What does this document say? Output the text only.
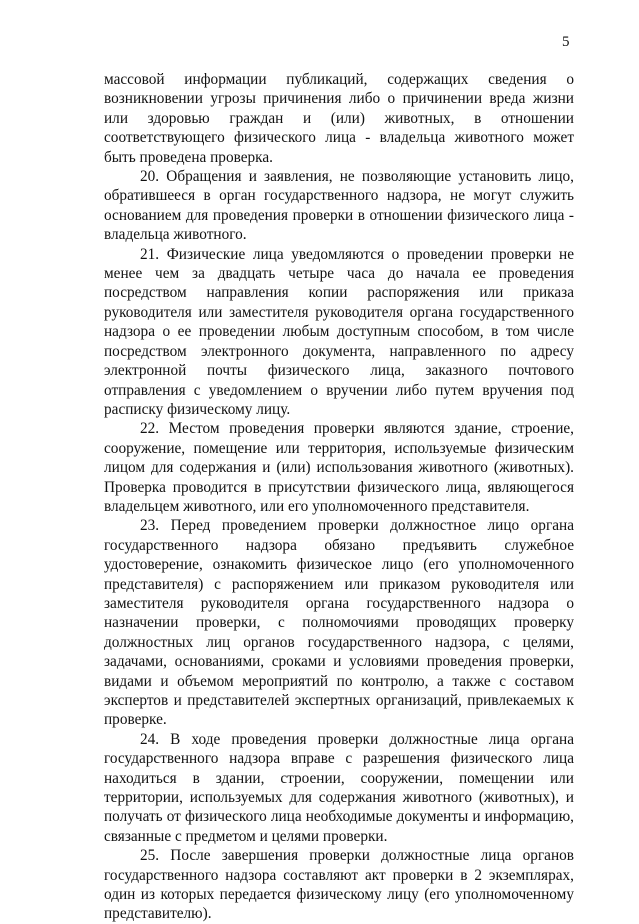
5

массовой информации публикаций, содержащих сведения о возникновении угрозы причинения либо о причинении вреда жизни или здоровью граждан и (или) животных, в отношении соответствующего физического лица - владельца животного может быть проведена проверка.

20. Обращения и заявления, не позволяющие установить лицо, обратившееся в орган государственного надзора, не могут служить основанием для проведения проверки в отношении физического лица - владельца животного.

21. Физические лица уведомляются о проведении проверки не менее чем за двадцать четыре часа до начала ее проведения посредством направления копии распоряжения или приказа руководителя или заместителя руководителя органа государственного надзора о ее проведении любым доступным способом, в том числе посредством электронного документа, направленного по адресу электронной почты физического лица, заказного почтового отправления с уведомлением о вручении либо путем вручения под расписку физическому лицу.

22. Местом проведения проверки являются здание, строение, сооружение, помещение или территория, используемые физическим лицом для содержания и (или) использования животного (животных). Проверка проводится в присутствии физического лица, являющегося владельцем животного, или его уполномоченного представителя.

23. Перед проведением проверки должностное лицо органа государственного надзора обязано предъявить служебное удостоверение, ознакомить физическое лицо (его уполномоченного представителя) с распоряжением или приказом руководителя или заместителя руководителя органа государственного надзора о назначении проверки, с полномочиями проводящих проверку должностных лиц органов государственного надзора, с целями, задачами, основаниями, сроками и условиями проведения проверки, видами и объемом мероприятий по контролю, а также с составом экспертов и представителей экспертных организаций, привлекаемых к проверке.

24. В ходе проведения проверки должностные лица органа государственного надзора вправе с разрешения физического лица находиться в здании, строении, сооружении, помещении или территории, используемых для содержания животного (животных), и получать от физического лица необходимые документы и информацию, связанные с предметом и целями проверки.

25. После завершения проверки должностные лица органов государственного надзора составляют акт проверки в 2 экземплярах, один из которых передается физическому лицу (его уполномоченному представителю).
